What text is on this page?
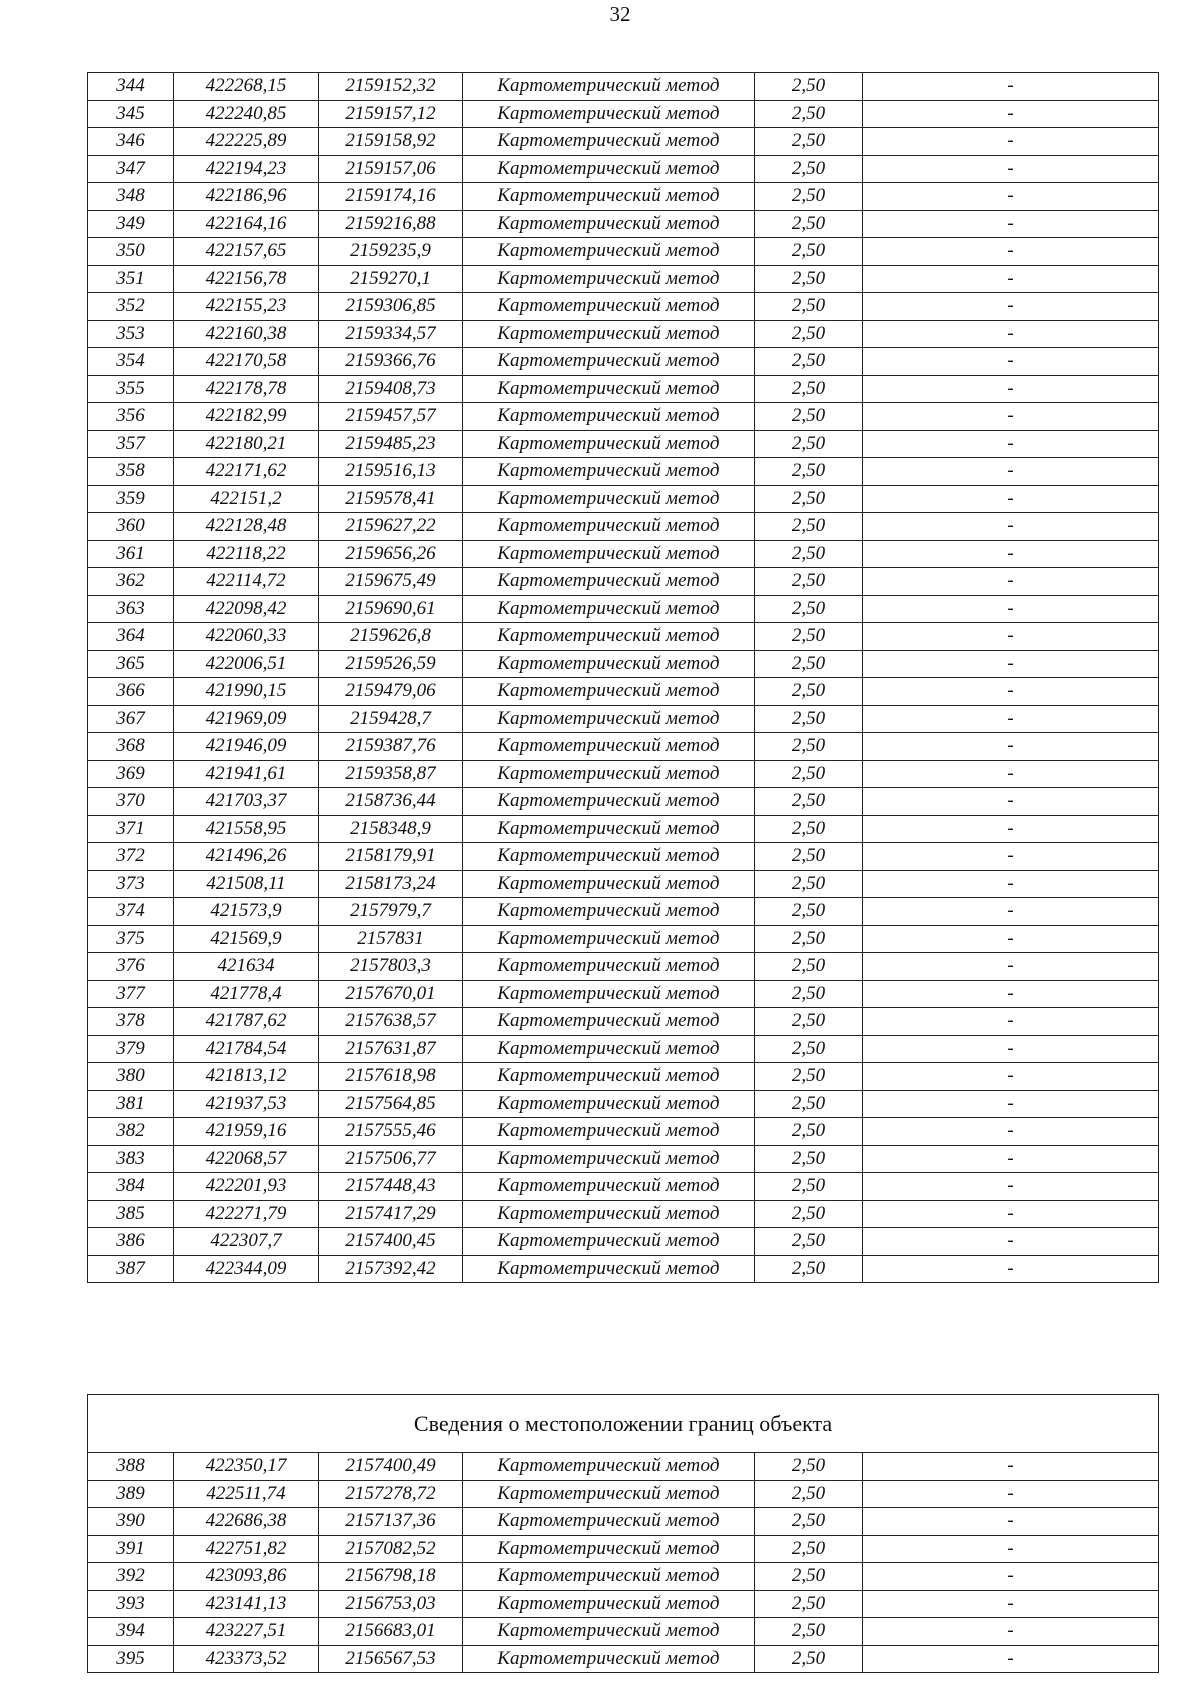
32
344	422268,15	2159152,32	Картометрический метод	2,50	-
345	422240,85	2159157,12	Картометрический метод	2,50	-
346	422225,89	2159158,92	Картометрический метод	2,50	-
347	422194,23	2159157,06	Картометрический метод	2,50	-
348	422186,96	2159174,16	Картометрический метод	2,50	-
349	422164,16	2159216,88	Картометрический метод	2,50	-
350	422157,65	2159235,9	Картометрический метод	2,50	-
351	422156,78	2159270,1	Картометрический метод	2,50	-
352	422155,23	2159306,85	Картометрический метод	2,50	-
353	422160,38	2159334,57	Картометрический метод	2,50	-
354	422170,58	2159366,76	Картометрический метод	2,50	-
355	422178,78	2159408,73	Картометрический метод	2,50	-
356	422182,99	2159457,57	Картометрический метод	2,50	-
357	422180,21	2159485,23	Картометрический метод	2,50	-
358	422171,62	2159516,13	Картометрический метод	2,50	-
359	422151,2	2159578,41	Картометрический метод	2,50	-
360	422128,48	2159627,22	Картометрический метод	2,50	-
361	422118,22	2159656,26	Картометрический метод	2,50	-
362	422114,72	2159675,49	Картометрический метод	2,50	-
363	422098,42	2159690,61	Картометрический метод	2,50	-
364	422060,33	2159626,8	Картометрический метод	2,50	-
365	422006,51	2159526,59	Картометрический метод	2,50	-
366	421990,15	2159479,06	Картометрический метод	2,50	-
367	421969,09	2159428,7	Картометрический метод	2,50	-
368	421946,09	2159387,76	Картометрический метод	2,50	-
369	421941,61	2159358,87	Картометрический метод	2,50	-
370	421703,37	2158736,44	Картометрический метод	2,50	-
371	421558,95	2158348,9	Картометрический метод	2,50	-
372	421496,26	2158179,91	Картометрический метод	2,50	-
373	421508,11	2158173,24	Картометрический метод	2,50	-
374	421573,9	2157979,7	Картометрический метод	2,50	-
375	421569,9	2157831	Картометрический метод	2,50	-
376	421634	2157803,3	Картометрический метод	2,50	-
377	421778,4	2157670,01	Картометрический метод	2,50	-
378	421787,62	2157638,57	Картометрический метод	2,50	-
379	421784,54	2157631,87	Картометрический метод	2,50	-
380	421813,12	2157618,98	Картометрический метод	2,50	-
381	421937,53	2157564,85	Картометрический метод	2,50	-
382	421959,16	2157555,46	Картометрический метод	2,50	-
383	422068,57	2157506,77	Картометрический метод	2,50	-
384	422201,93	2157448,43	Картометрический метод	2,50	-
385	422271,79	2157417,29	Картометрический метод	2,50	-
386	422307,7	2157400,45	Картометрический метод	2,50	-
387	422344,09	2157392,42	Картометрический метод	2,50	-
Сведения о местоположении границ объекта					
388	422350,17	2157400,49	Картометрический метод	2,50	-
389	422511,74	2157278,72	Картометрический метод	2,50	-
390	422686,38	2157137,36	Картометрический метод	2,50	-
391	422751,82	2157082,52	Картометрический метод	2,50	-
392	423093,86	2156798,18	Картометрический метод	2,50	-
393	423141,13	2156753,03	Картометрический метод	2,50	-
394	423227,51	2156683,01	Картометрический метод	2,50	-
395	423373,52	2156567,53	Картометрический метод	2,50	-
